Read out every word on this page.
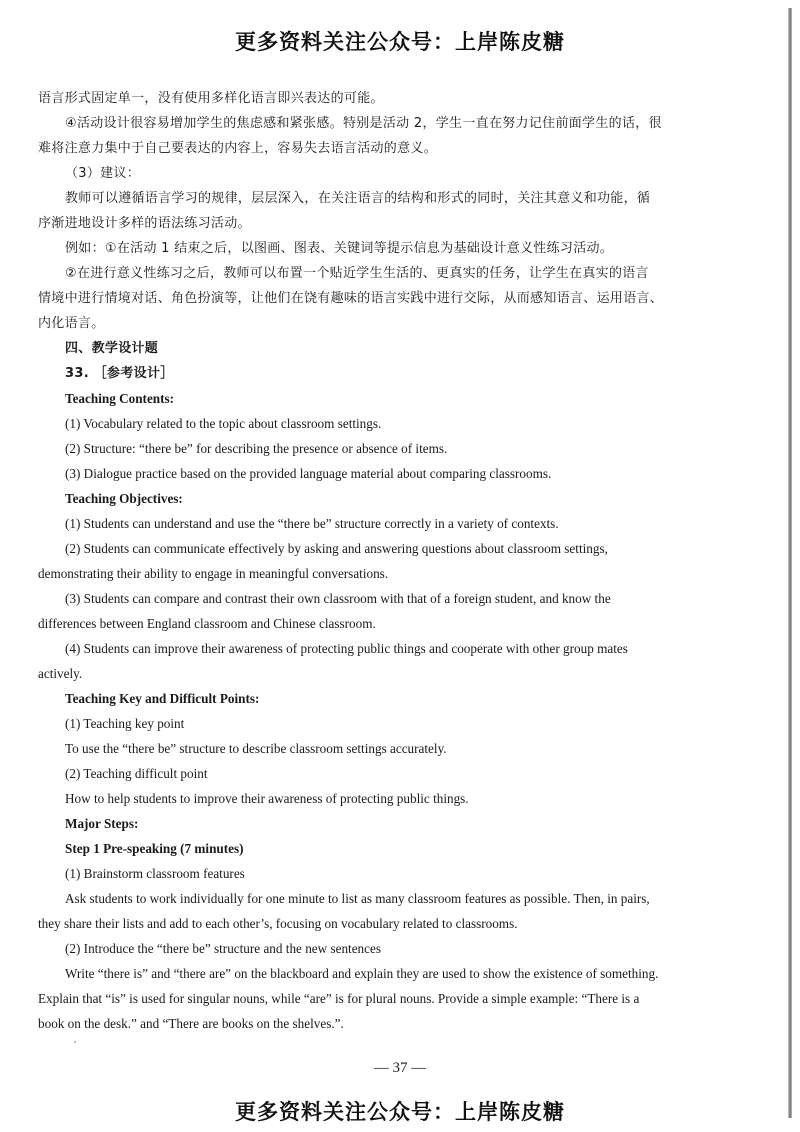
更多资料关注公众号：上岸陈皮糖

语言形式固定单一，没有使用多样化语言即兴表达的可能。

④活动设计很容易增加学生的焦虑感和紧张感。特别是活动 2，学生一直在努力记住前面学生的话，很

难将注意力集中于自己要表达的内容上，容易失去语言活动的意义。

（3）建议：

教师可以遵循语言学习的规律，层层深入，在关注语言的结构和形式的同时，关注其意义和功能，循

序渐进地设计多样的语法练习活动。

例如：①在活动 1 结束之后，以图画、图表、关键词等提示信息为基础设计意义性练习活动。

②在进行意义性练习之后，教师可以布置一个贴近学生生活的、更真实的任务，让学生在真实的语言

情境中进行情境对话、角色扮演等，让他们在饶有趣味的语言实践中进行交际，从而感知语言、运用语言、

内化语言。

四、教学设计题

33. ［参考设计］

Teaching Contents:

(1) Vocabulary related to the topic about classroom settings.

(2) Structure: “there be” for describing the presence or absence of items.

(3) Dialogue practice based on the provided language material about comparing classrooms.

Teaching Objectives:

(1) Students can understand and use the “there be” structure correctly in a variety of contexts.

(2) Students can communicate effectively by asking and answering questions about classroom settings,

demonstrating their ability to engage in meaningful conversations.

(3) Students can compare and contrast their own classroom with that of a foreign student, and know the

differences between England classroom and Chinese classroom.

(4) Students can improve their awareness of protecting public things and cooperate with other group mates

actively.

Teaching Key and Difficult Points:

(1) Teaching key point

To use the “there be” structure to describe classroom settings accurately.

(2) Teaching difficult point

How to help students to improve their awareness of protecting public things.

Major Steps:

Step 1 Pre-speaking (7 minutes)

(1) Brainstorm classroom features

Ask students to work individually for one minute to list as many classroom features as possible. Then, in pairs,

they share their lists and add to each other’s, focusing on vocabulary related to classrooms.

(2) Introduce the “there be” structure and the new sentences

Write “there is” and “there are” on the blackboard and explain they are used to show the existence of something.

Explain that “is” is used for singular nouns, while “are” is for plural nouns. Provide a simple example: “There is a

book on the desk.” and “There are books on the shelves.”.

— 37 —
更多资料关注公众号：上岸陈皮糖
